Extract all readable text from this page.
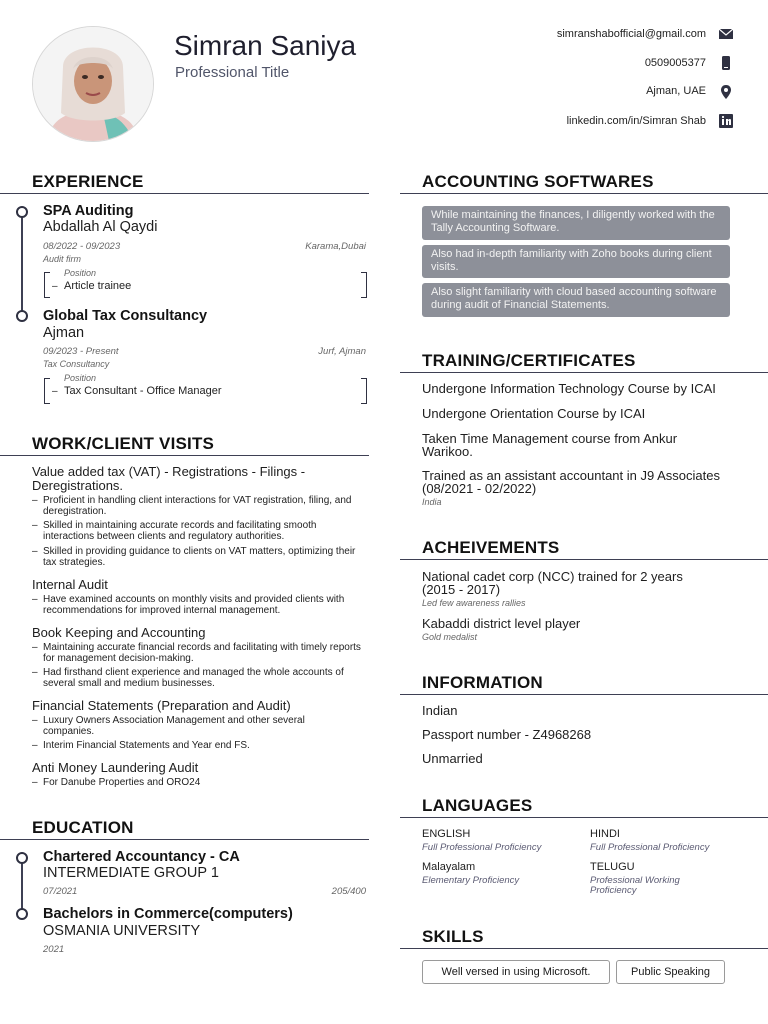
Simran Saniya
Professional Title
simranshabofficial@gmail.com
0509005377
Ajman, UAE
linkedin.com/in/Simran Shab
EXPERIENCE
SPA Auditing
Abdallah Al Qaydi
08/2022 - 09/2023	Karama,Dubai
Audit firm
Position
– Article trainee
Global Tax Consultancy
Ajman
09/2023 - Present	Jurf, Ajman
Tax Consultancy
Position
– Tax Consultant - Office Manager
WORK/CLIENT VISITS
Value added tax (VAT) - Registrations - Filings - Deregistrations.
– Proficient in handling client interactions for VAT registration, filing, and deregistration.
– Skilled in maintaining accurate records and facilitating smooth interactions between clients and regulatory authorities.
– Skilled in providing guidance to clients on VAT matters, optimizing their tax strategies.
Internal Audit
– Have examined accounts on monthly visits and provided clients with recommendations for improved internal management.
Book Keeping and Accounting
– Maintaining accurate financial records and facilitating with timely reports for management decision-making.
– Had firsthand client experience and managed the whole accounts of several small and medium businesses.
Financial Statements (Preparation and Audit)
– Luxury Owners Association Management and other several companies.
– Interim Financial Statements and Year end FS.
Anti Money Laundering Audit
– For Danube Properties and ORO24
EDUCATION
Chartered Accountancy - CA
INTERMEDIATE GROUP 1
07/2021	205/400
Bachelors in Commerce(computers)
OSMANIA UNIVERSITY
2021
ACCOUNTING SOFTWARES
While maintaining the finances, I diligently worked with the Tally Accounting Software.
Also had in-depth familiarity with Zoho books during client visits.
Also slight familiarity with cloud based accounting software during audit of Financial Statements.
TRAINING/CERTIFICATES
Undergone Information Technology Course by ICAI
Undergone Orientation Course by ICAI
Taken Time Management course from Ankur Warikoo.
Trained as an assistant accountant in J9 Associates (08/2021 - 02/2022)
India
ACHEIVEMENTS
National cadet corp (NCC) trained for 2 years (2015 - 2017)
Led few awareness rallies
Kabaddi district level player
Gold medalist
INFORMATION
Indian
Passport number - Z4968268
Unmarried
LANGUAGES
ENGLISH
Full Professional Proficiency
HINDI
Full Professional Proficiency
Malayalam
Elementary Proficiency
TELUGU
Professional Working Proficiency
SKILLS
Well versed in using Microsoft.	Public Speaking
